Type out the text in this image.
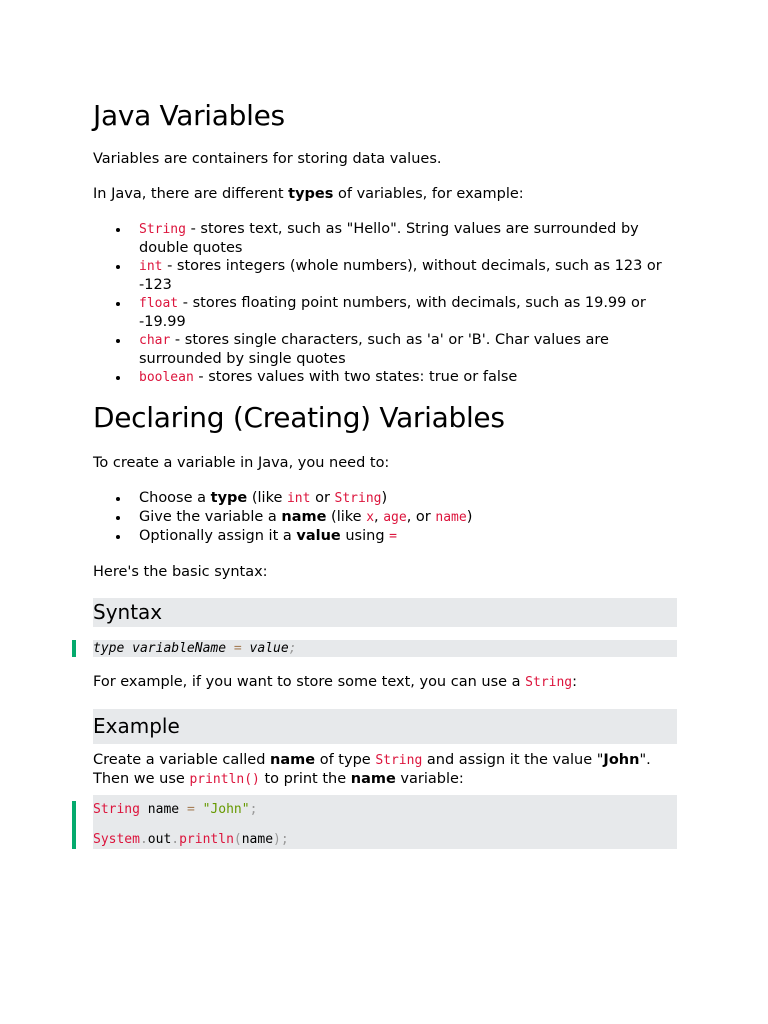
Java Variables

Variables are containers for storing data values.

In Java, there are different types of variables, for example:

String - stores text, such as "Hello". String values are surrounded by double quotes
int - stores integers (whole numbers), without decimals, such as 123 or -123
float - stores floating point numbers, with decimals, such as 19.99 or -19.99
char - stores single characters, such as 'a' or 'B'. Char values are surrounded by single quotes
boolean - stores values with two states: true or false
Declaring (Creating) Variables

To create a variable in Java, you need to:

Choose a type (like int or String)
Give the variable a name (like x, age, or name)
Optionally assign it a value using =

Here's the basic syntax:

Syntax
type variableName = value;

For example, if you want to store some text, you can use a String:

Example

Create a variable called name of type String and assign it the value "John". Then we use println() to print the name variable:

String name = "John";
System.out.println(name);
